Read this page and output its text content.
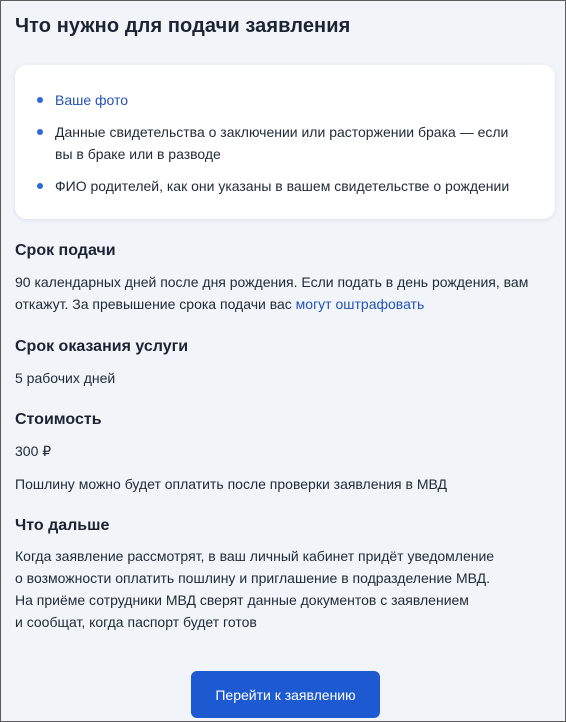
Что нужно для подачи заявления
Ваше фото
Данные свидетельства о заключении или расторжении брака — если вы в браке или в разводе
ФИО родителей, как они указаны в вашем свидетельстве о рождении
Срок подачи

90 календарных дней после дня рождения. Если подать в день рождения, вам откажут. За превышение срока подачи вас могут оштрафовать

Срок оказания услуги

5 рабочих дней

Стоимость

300 ₽

Пошлину можно будет оплатить после проверки заявления в МВД

Что дальше

Когда заявление рассмотрят, в ваш личный кабинет придёт уведомление
о возможности оплатить пошлину и приглашение в подразделение МВД.
На приёме сотрудники МВД сверят данные документов с заявлением
и сообщат, когда паспорт будет готов

Перейти к заявлению
